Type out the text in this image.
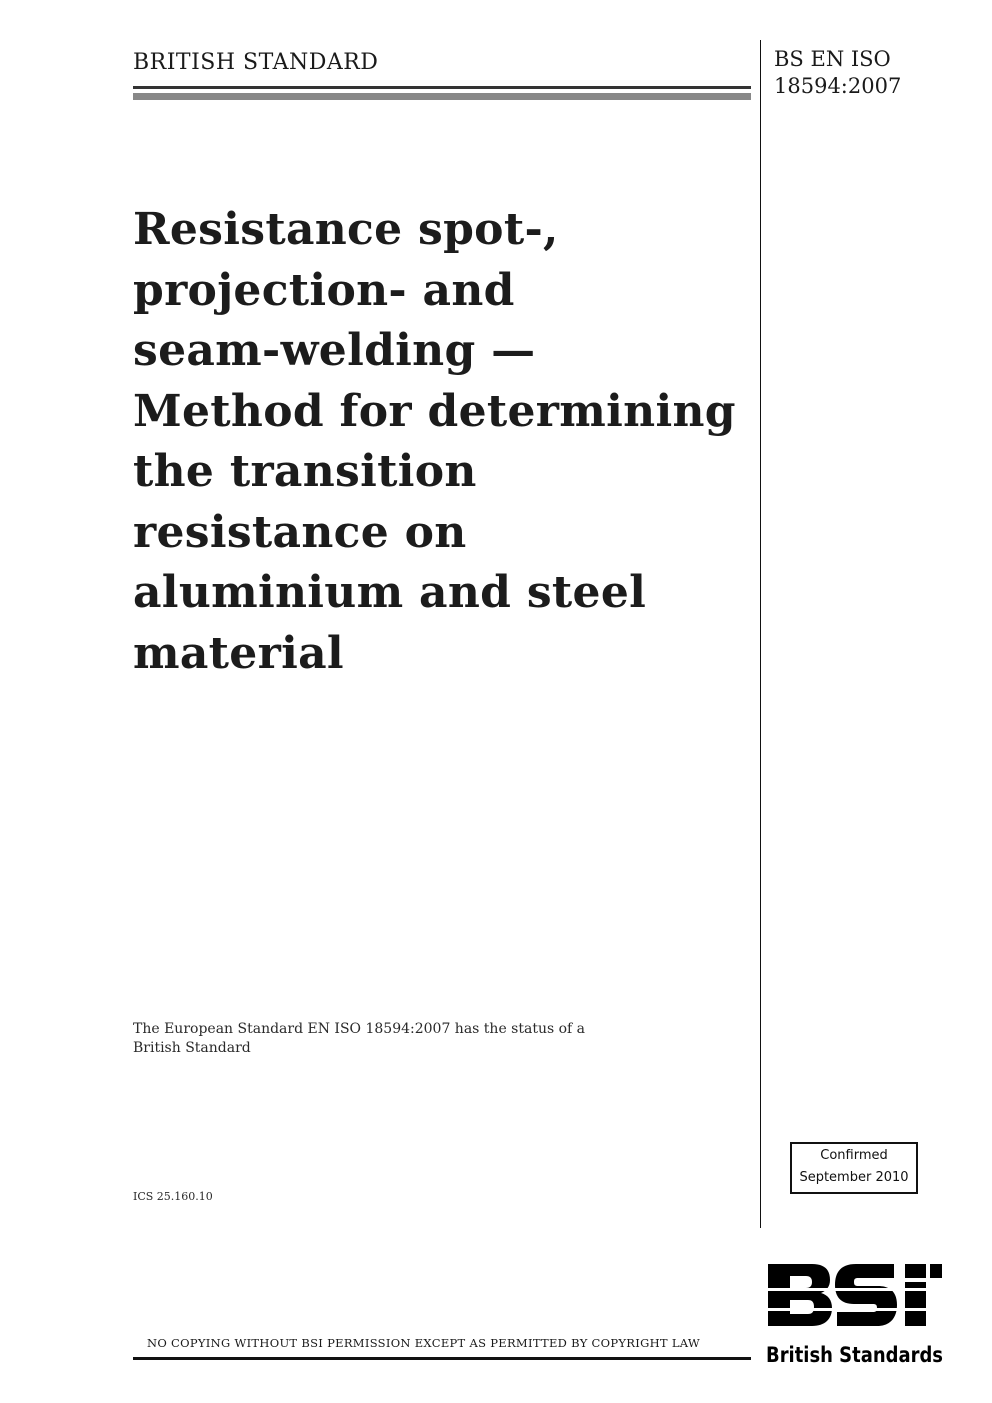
BRITISH STANDARD	BS EN ISO
18594:2007
Resistance spot-,
projection- and
seam-welding —
Method for determining
the transition
resistance on
aluminium and steel
material
The European Standard EN ISO 18594:2007 has the status of a
British Standard
ICS 25.160.10
Confirmed
September 2010
NO COPYING WITHOUT BSI PERMISSION EXCEPT AS PERMITTED BY COPYRIGHT LAW	British Standards
